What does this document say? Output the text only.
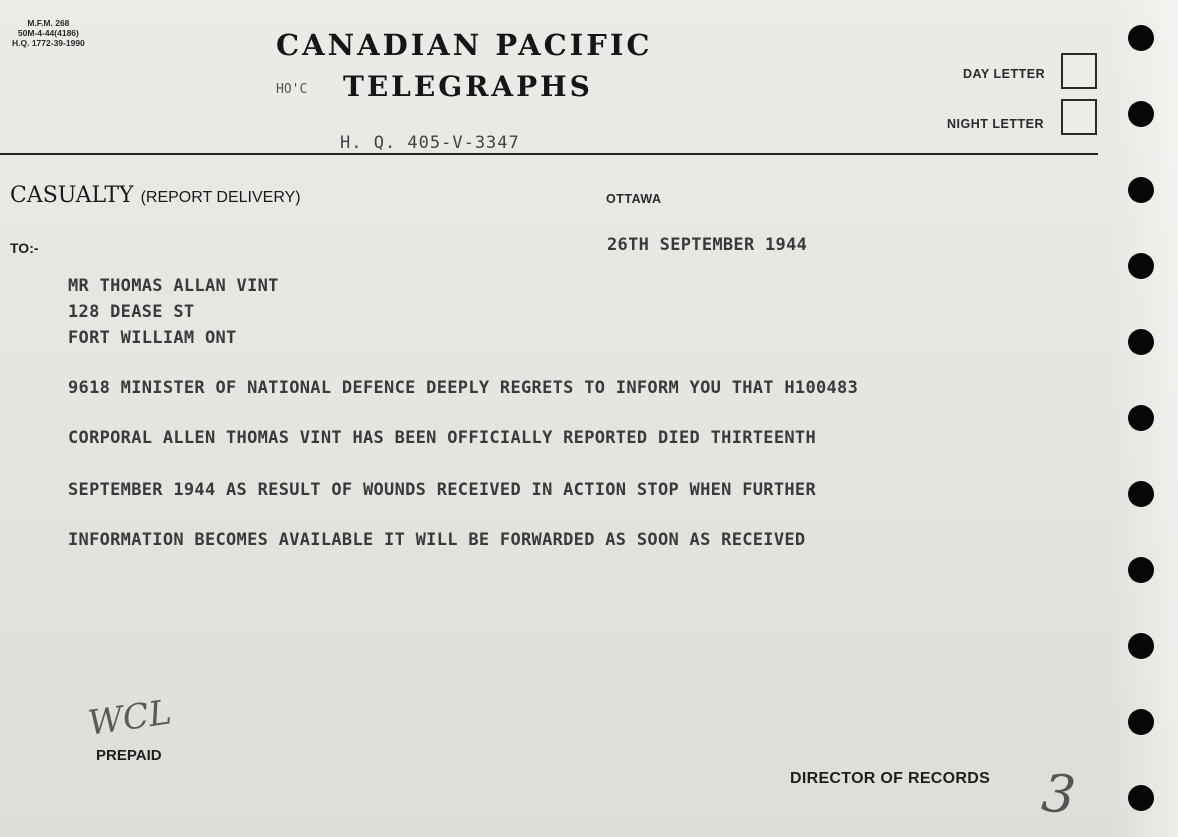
M.F.M. 268
50M-4-44(4186)
H.Q. 1772-39-1990	CANADIAN PACIFIC
HO'C TELEGRAPHS	DAY LETTER
NIGHT LETTER
H. Q. 405-V-3347
CASUALTY (REPORT DELIVERY)	OTTAWA
TO:-	26TH SEPTEMBER 1944
MR THOMAS ALLAN VINT
128 DEASE ST
FORT WILLIAM ONT
9618 MINISTER OF NATIONAL DEFENCE DEEPLY REGRETS TO INFORM YOU THAT H100483
CORPORAL ALLEN THOMAS VINT HAS BEEN OFFICIALLY REPORTED DIED THIRTEENTH
SEPTEMBER 1944 AS RESULT OF WOUNDS RECEIVED IN ACTION STOP WHEN FURTHER
INFORMATION BECOMES AVAILABLE IT WILL BE FORWARDED AS SOON AS RECEIVED
WCL
PREPAID
DIRECTOR OF RECORDS 3
